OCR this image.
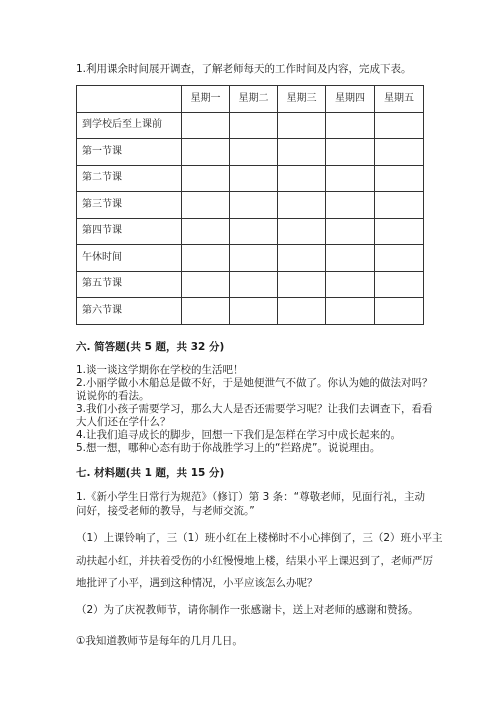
1.利用课余时间展开调查，了解老师每天的工作时间及内容，完成下表。
	星期一	星期二	星期三	星期四	星期五
到学校后至上课前					
第一节课					
第二节课					
第三节课					
第四节课					
午休时间					
第五节课					
第六节课					
六. 简答题(共 5 题，共 32 分)
1.谈一谈这学期你在学校的生活吧！
2.小丽学做小木船总是做不好，于是她便泄气不做了。你认为她的做法对吗？
说说你的看法。
3.我们小孩子需要学习，那么大人是否还需要学习呢？让我们去调查下，看看
大人们还在学什么？
4.让我们追寻成长的脚步，回想一下我们是怎样在学习中成长起来的。
5.想一想，哪种心态有助于你战胜学习上的“拦路虎”。说说理由。
七. 材料题(共 1 题，共 15 分)
1.《新小学生日常行为规范》（修订）第 3 条：“尊敬老师，见面行礼，主动
问好，接受老师的教导，与老师交流。”
（1）上课铃响了，三（1）班小红在上楼梯时不小心摔倒了，三（2）班小平主
动扶起小红，并扶着受伤的小红慢慢地上楼，结果小平上课迟到了，老师严厉
地批评了小平，遇到这种情况，小平应该怎么办呢？
（2）为了庆祝教师节，请你制作一张感谢卡，送上对老师的感谢和赞扬。
①我知道教师节是每年的几月几日。
